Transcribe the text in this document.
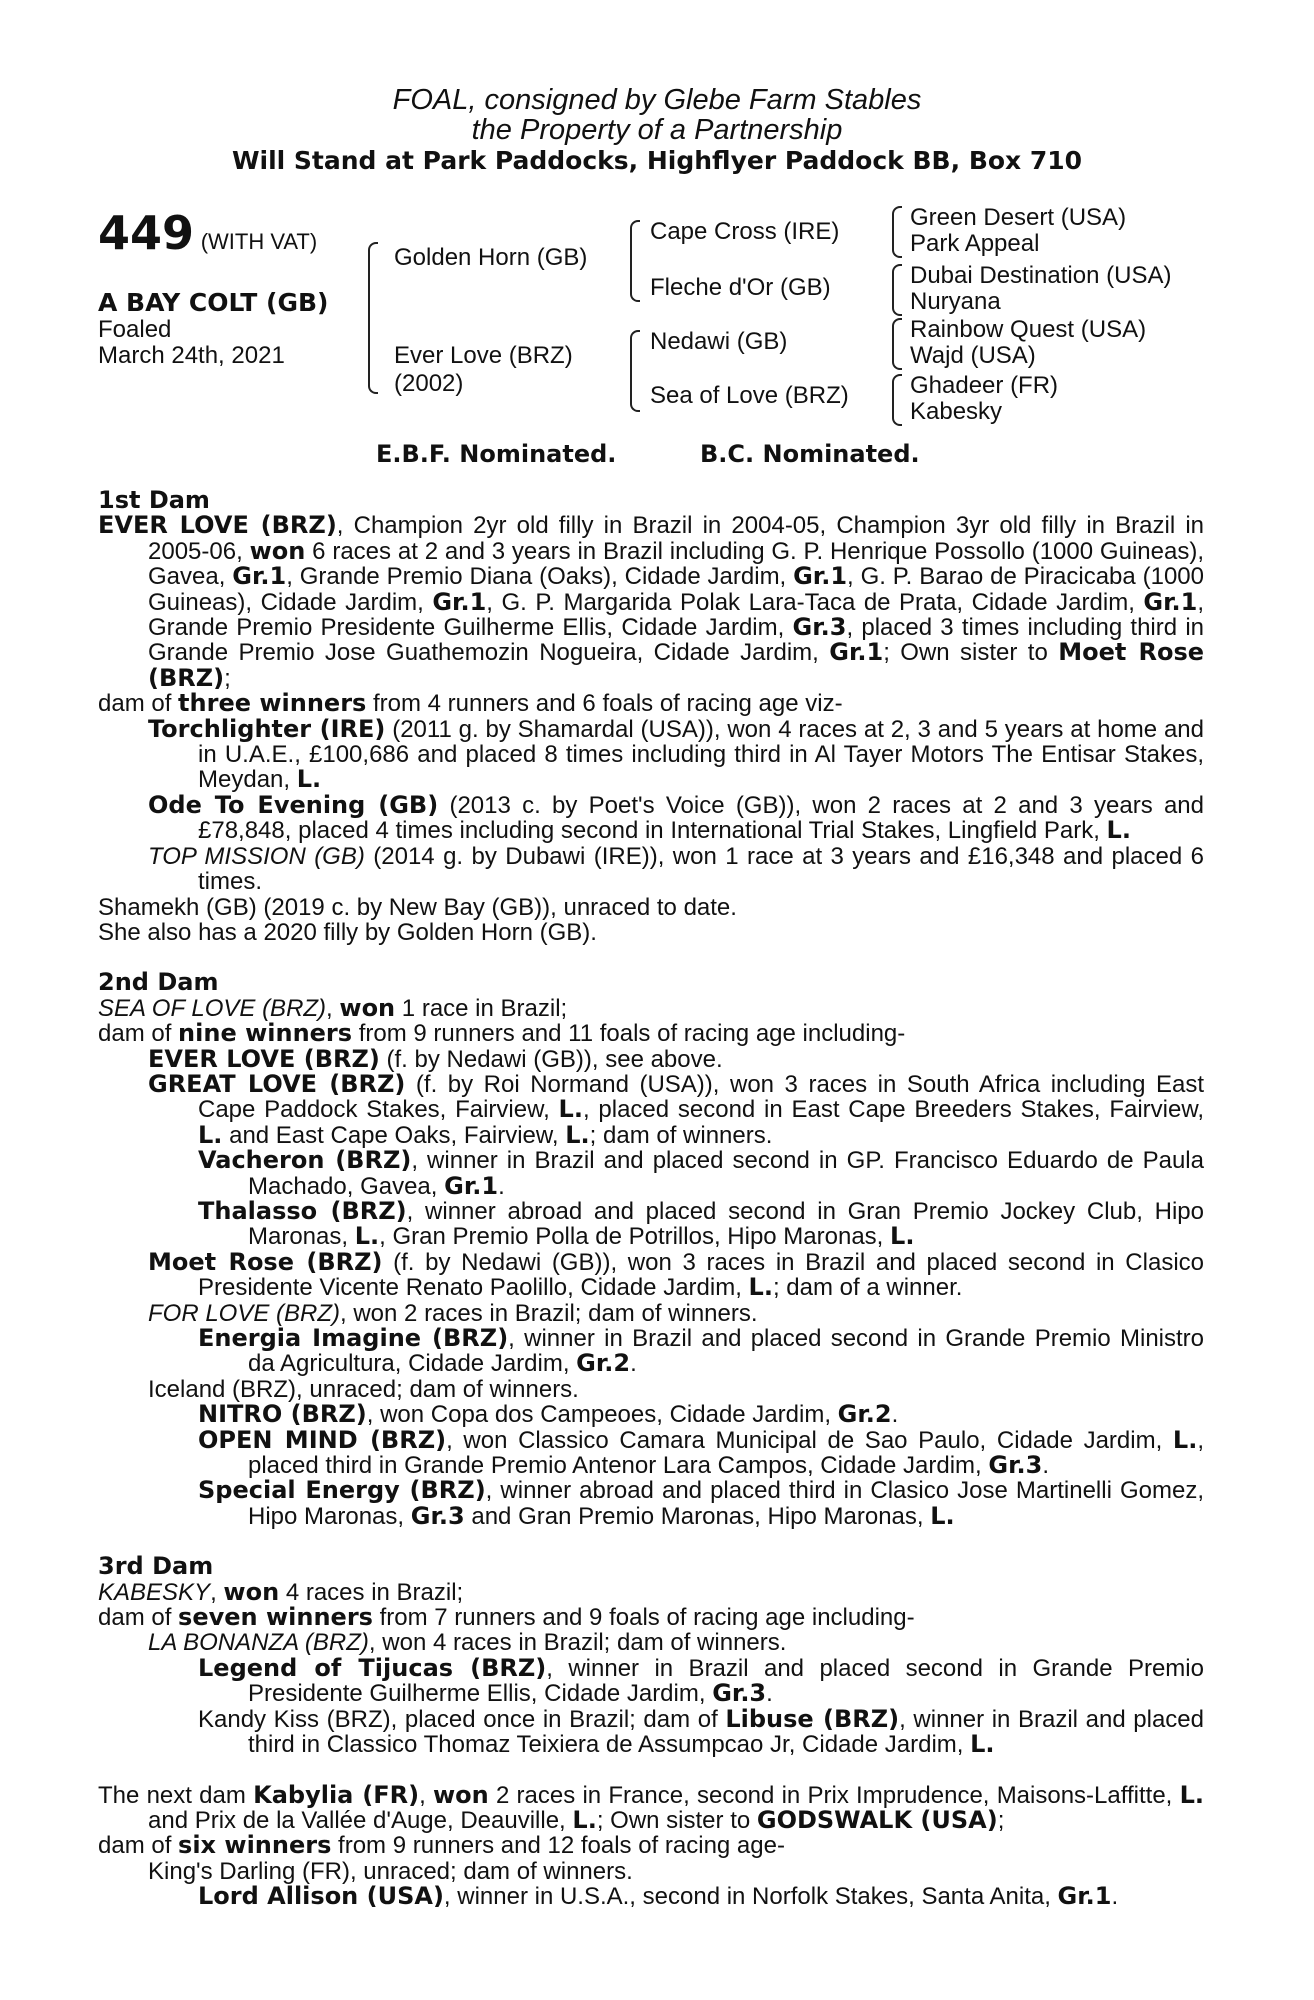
FOAL, consigned by Glebe Farm Stables
the Property of a Partnership
Will Stand at Park Paddocks, Highflyer Paddock BB, Box 710
449 (WITH VAT)
A BAY COLT (GB)
Foaled
March 24th, 2021
Golden Horn (GB)
Ever Love (BRZ)
(2002)
Cape Cross (IRE)
Fleche d'Or (GB)
Nedawi (GB)
Sea of Love (BRZ)
Green Desert (USA)
Park Appeal
Dubai Destination (USA)
Nuryana
Rainbow Quest (USA)
Wajd (USA)
Ghadeer (FR)
Kabesky
E.B.F. Nominated.	B.C. Nominated.
1st Dam
EVER LOVE (BRZ), Champion 2yr old filly in Brazil in 2004-05, Champion 3yr old filly in Brazil in 2005-06, won 6 races at 2 and 3 years in Brazil including G. P. Henrique Possollo (1000 Guineas), Gavea, Gr.1, Grande Premio Diana (Oaks), Cidade Jardim, Gr.1, G. P. Barao de Piracicaba (1000 Guineas), Cidade Jardim, Gr.1, G. P. Margarida Polak Lara-Taca de Prata, Cidade Jardim, Gr.1, Grande Premio Presidente Guilherme Ellis, Cidade Jardim, Gr.3, placed 3 times including third in Grande Premio Jose Guathemozin Nogueira, Cidade Jardim, Gr.1; Own sister to Moet Rose (BRZ);
dam of three winners from 4 runners and 6 foals of racing age viz-
Torchlighter (IRE) (2011 g. by Shamardal (USA)), won 4 races at 2, 3 and 5 years at home and in U.A.E., £100,686 and placed 8 times including third in Al Tayer Motors The Entisar Stakes, Meydan, L.
Ode To Evening (GB) (2013 c. by Poet's Voice (GB)), won 2 races at 2 and 3 years and £78,848, placed 4 times including second in International Trial Stakes, Lingfield Park, L.
TOP MISSION (GB) (2014 g. by Dubawi (IRE)), won 1 race at 3 years and £16,348 and placed 6 times.
Shamekh (GB) (2019 c. by New Bay (GB)), unraced to date.
She also has a 2020 filly by Golden Horn (GB).
2nd Dam
SEA OF LOVE (BRZ), won 1 race in Brazil;
dam of nine winners from 9 runners and 11 foals of racing age including-
EVER LOVE (BRZ) (f. by Nedawi (GB)), see above.
GREAT LOVE (BRZ) (f. by Roi Normand (USA)), won 3 races in South Africa including East Cape Paddock Stakes, Fairview, L., placed second in East Cape Breeders Stakes, Fairview, L. and East Cape Oaks, Fairview, L.; dam of winners.
Vacheron (BRZ), winner in Brazil and placed second in GP. Francisco Eduardo de Paula Machado, Gavea, Gr.1.
Thalasso (BRZ), winner abroad and placed second in Gran Premio Jockey Club, Hipo Maronas, L., Gran Premio Polla de Potrillos, Hipo Maronas, L.
Moet Rose (BRZ) (f. by Nedawi (GB)), won 3 races in Brazil and placed second in Clasico Presidente Vicente Renato Paolillo, Cidade Jardim, L.; dam of a winner.
FOR LOVE (BRZ), won 2 races in Brazil; dam of winners.
Energia Imagine (BRZ), winner in Brazil and placed second in Grande Premio Ministro da Agricultura, Cidade Jardim, Gr.2.
Iceland (BRZ), unraced; dam of winners.
NITRO (BRZ), won Copa dos Campeoes, Cidade Jardim, Gr.2.
OPEN MIND (BRZ), won Classico Camara Municipal de Sao Paulo, Cidade Jardim, L., placed third in Grande Premio Antenor Lara Campos, Cidade Jardim, Gr.3.
Special Energy (BRZ), winner abroad and placed third in Clasico Jose Martinelli Gomez, Hipo Maronas, Gr.3 and Gran Premio Maronas, Hipo Maronas, L.
3rd Dam
KABESKY, won 4 races in Brazil;
dam of seven winners from 7 runners and 9 foals of racing age including-
LA BONANZA (BRZ), won 4 races in Brazil; dam of winners.
Legend of Tijucas (BRZ), winner in Brazil and placed second in Grande Premio Presidente Guilherme Ellis, Cidade Jardim, Gr.3.
Kandy Kiss (BRZ), placed once in Brazil; dam of Libuse (BRZ), winner in Brazil and placed third in Classico Thomaz Teixiera de Assumpcao Jr, Cidade Jardim, L.
The next dam Kabylia (FR), won 2 races in France, second in Prix Imprudence, Maisons-Laffitte, L. and Prix de la Vallée d'Auge, Deauville, L.; Own sister to GODSWALK (USA);
dam of six winners from 9 runners and 12 foals of racing age-
King's Darling (FR), unraced; dam of winners.
Lord Allison (USA), winner in U.S.A., second in Norfolk Stakes, Santa Anita, Gr.1.
